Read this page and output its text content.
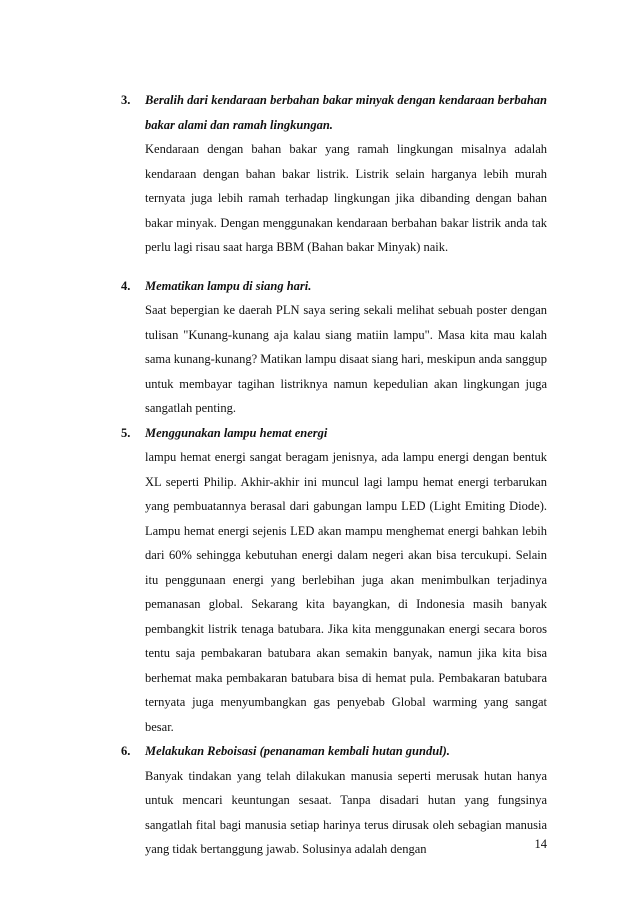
3. Beralih dari kendaraan berbahan bakar minyak dengan kendaraan berbahan bakar alami dan ramah lingkungan.

Kendaraan dengan bahan bakar yang ramah lingkungan misalnya adalah kendaraan dengan bahan bakar listrik. Listrik selain harganya lebih murah ternyata juga lebih ramah terhadap lingkungan jika dibanding dengan bahan bakar minyak. Dengan menggunakan kendaraan berbahan bakar listrik anda tak perlu lagi risau saat harga BBM (Bahan bakar Minyak) naik.

4. Mematikan lampu di siang hari.

Saat bepergian ke daerah PLN saya sering sekali melihat sebuah poster dengan tulisan "Kunang-kunang aja kalau siang matiin lampu". Masa kita mau kalah sama kunang-kunang? Matikan lampu disaat siang hari, meskipun anda sanggup untuk membayar tagihan listriknya namun kepedulian akan lingkungan juga sangatlah penting.

5. Menggunakan lampu hemat energi

lampu hemat energi sangat beragam jenisnya, ada lampu energi dengan bentuk XL seperti Philip. Akhir-akhir ini muncul lagi lampu hemat energi terbarukan yang pembuatannya berasal dari gabungan lampu LED (Light Emiting Diode). Lampu hemat energi sejenis LED akan mampu menghemat energi bahkan lebih dari 60% sehingga kebutuhan energi dalam negeri akan bisa tercukupi. Selain itu penggunaan energi yang berlebihan juga akan menimbulkan terjadinya pemanasan global. Sekarang kita bayangkan, di Indonesia masih banyak pembangkit listrik tenaga batubara. Jika kita menggunakan energi secara boros tentu saja pembakaran batubara akan semakin banyak, namun jika kita bisa berhemat maka pembakaran batubara bisa di hemat pula. Pembakaran batubara ternyata juga menyumbangkan gas penyebab Global warming yang sangat besar.

6. Melakukan Reboisasi (penanaman kembali hutan gundul).

Banyak tindakan yang telah dilakukan manusia seperti merusak hutan hanya untuk mencari keuntungan sesaat. Tanpa disadari hutan yang fungsinya sangatlah fital bagi manusia setiap harinya terus dirusak oleh sebagian manusia yang tidak bertanggung jawab. Solusinya adalah dengan	14
